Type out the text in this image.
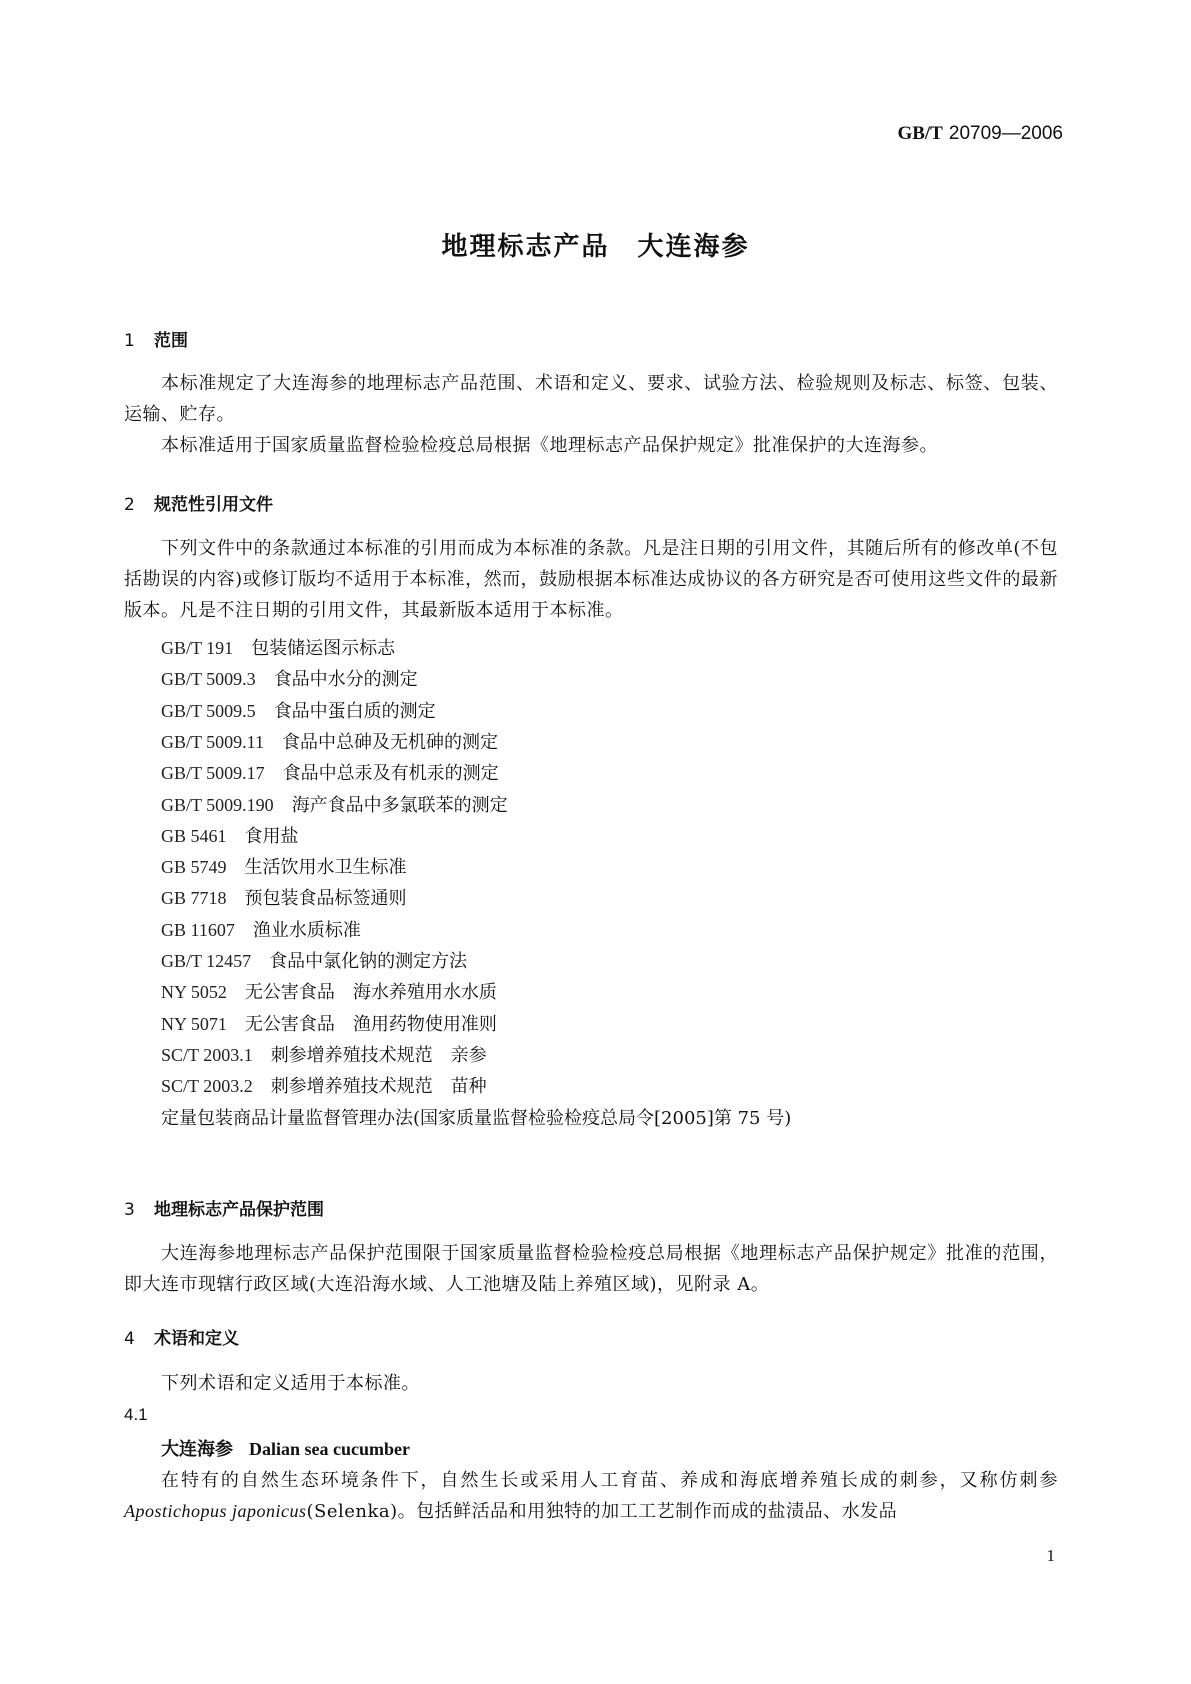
GB/T 20709—2006
地理标志产品　大连海参
1 范围
本标准规定了大连海参的地理标志产品范围、术语和定义、要求、试验方法、检验规则及标志、标签、包装、运输、贮存。
本标准适用于国家质量监督检验检疫总局根据《地理标志产品保护规定》批准保护的大连海参。
2 规范性引用文件
下列文件中的条款通过本标准的引用而成为本标准的条款。凡是注日期的引用文件，其随后所有的修改单(不包括勘误的内容)或修订版均不适用于本标准，然而，鼓励根据本标准达成协议的各方研究是否可使用这些文件的最新版本。凡是不注日期的引用文件，其最新版本适用于本标准。
GB/T 191 包装储运图示标志
GB/T 5009.3 食品中水分的测定
GB/T 5009.5 食品中蛋白质的测定
GB/T 5009.11 食品中总砷及无机砷的测定
GB/T 5009.17 食品中总汞及有机汞的测定
GB/T 5009.190 海产食品中多氯联苯的测定
GB 5461 食用盐
GB 5749 生活饮用水卫生标准
GB 7718 预包装食品标签通则
GB 11607 渔业水质标准
GB/T 12457 食品中氯化钠的测定方法
NY 5052 无公害食品　海水养殖用水水质
NY 5071 无公害食品　渔用药物使用准则
SC/T 2003.1 刺参增养殖技术规范　亲参
SC/T 2003.2 刺参增养殖技术规范　苗种
定量包装商品计量监督管理办法(国家质量监督检验检疫总局令[2005]第 75 号)
3 地理标志产品保护范围
大连海参地理标志产品保护范围限于国家质量监督检验检疫总局根据《地理标志产品保护规定》批准的范围，即大连市现辖行政区域(大连沿海水域、人工池塘及陆上养殖区域)，见附录 A。
4 术语和定义
下列术语和定义适用于本标准。
4.1
大连海参 Dalian sea cucumber
在特有的自然生态环境条件下，自然生长或采用人工育苗、养成和海底增养殖长成的刺参，又称仿刺参 Apostichopus japonicus(Selenka)。包括鲜活品和用独特的加工工艺制作而成的盐渍品、水发品
1
